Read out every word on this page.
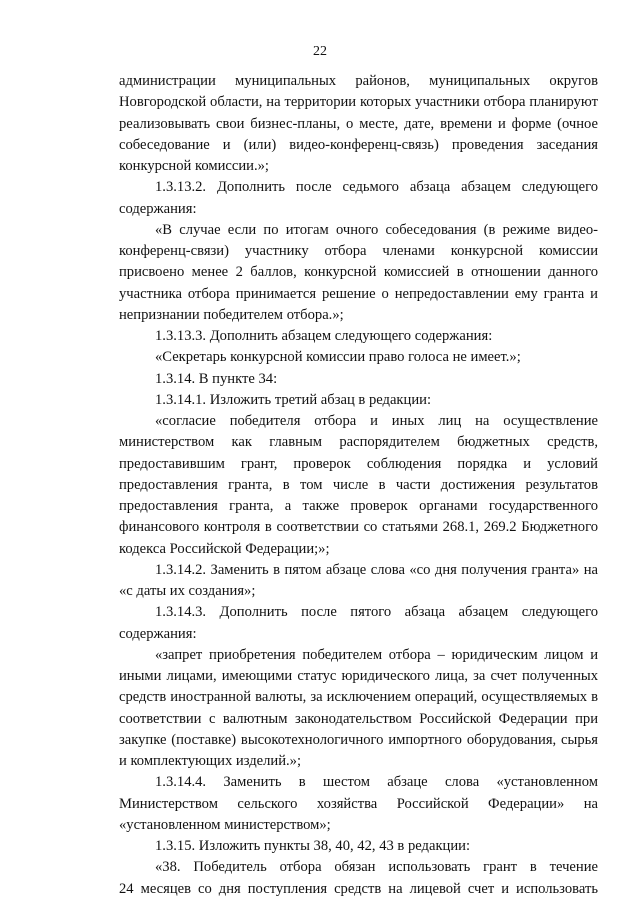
22
администрации муниципальных районов, муниципальных округов
Новгородской области, на территории которых участники отбора планируют
реализовывать свои бизнес-планы, о месте, дате, времени и форме (очное
собеседование и (или) видео-конференц-связь) проведения заседания
конкурсной комиссии.»;
1.3.13.2. Дополнить после седьмого абзаца абзацем следующего
содержания:
«В случае если по итогам очного собеседования (в режиме видео-
конференц-связи) участнику отбора членами конкурсной комиссии
присвоено менее 2 баллов, конкурсной комиссией в отношении данного
участника отбора принимается решение о непредоставлении ему гранта и
непризнании победителем отбора.»;
1.3.13.3. Дополнить абзацем следующего содержания:
«Секретарь конкурсной комиссии право голоса не имеет.»;
1.3.14. В пункте 34:
1.3.14.1. Изложить третий абзац в редакции:
«согласие победителя отбора и иных лиц на осуществление
министерством как главным распорядителем бюджетных средств,
предоставившим грант, проверок соблюдения порядка и условий
предоставления гранта, в том числе в части достижения результатов
предоставления гранта, а также проверок органами государственного
финансового контроля в соответствии со статьями 268.1, 269.2 Бюджетного
кодекса Российской Федерации;»;
1.3.14.2. Заменить в пятом абзаце слова «со дня получения гранта» на
«с даты их создания»;
1.3.14.3. Дополнить после пятого абзаца абзацем следующего
содержания:
«запрет приобретения победителем отбора – юридическим лицом и
иными лицами, имеющими статус юридического лица, за счет полученных
средств иностранной валюты, за исключением операций, осуществляемых в
соответствии с валютным законодательством Российской Федерации при
закупке (поставке) высокотехнологичного импортного оборудования, сырья
и комплектующих изделий.»;
1.3.14.4. Заменить в шестом абзаце слова «установленном
Министерством сельского хозяйства Российской Федерации» на
«установленном министерством»;
1.3.15. Изложить пункты 38, 40, 42, 43 в редакции:
«38. Победитель отбора обязан использовать грант в течение
24 месяцев со дня поступления средств на лицевой счет и использовать
